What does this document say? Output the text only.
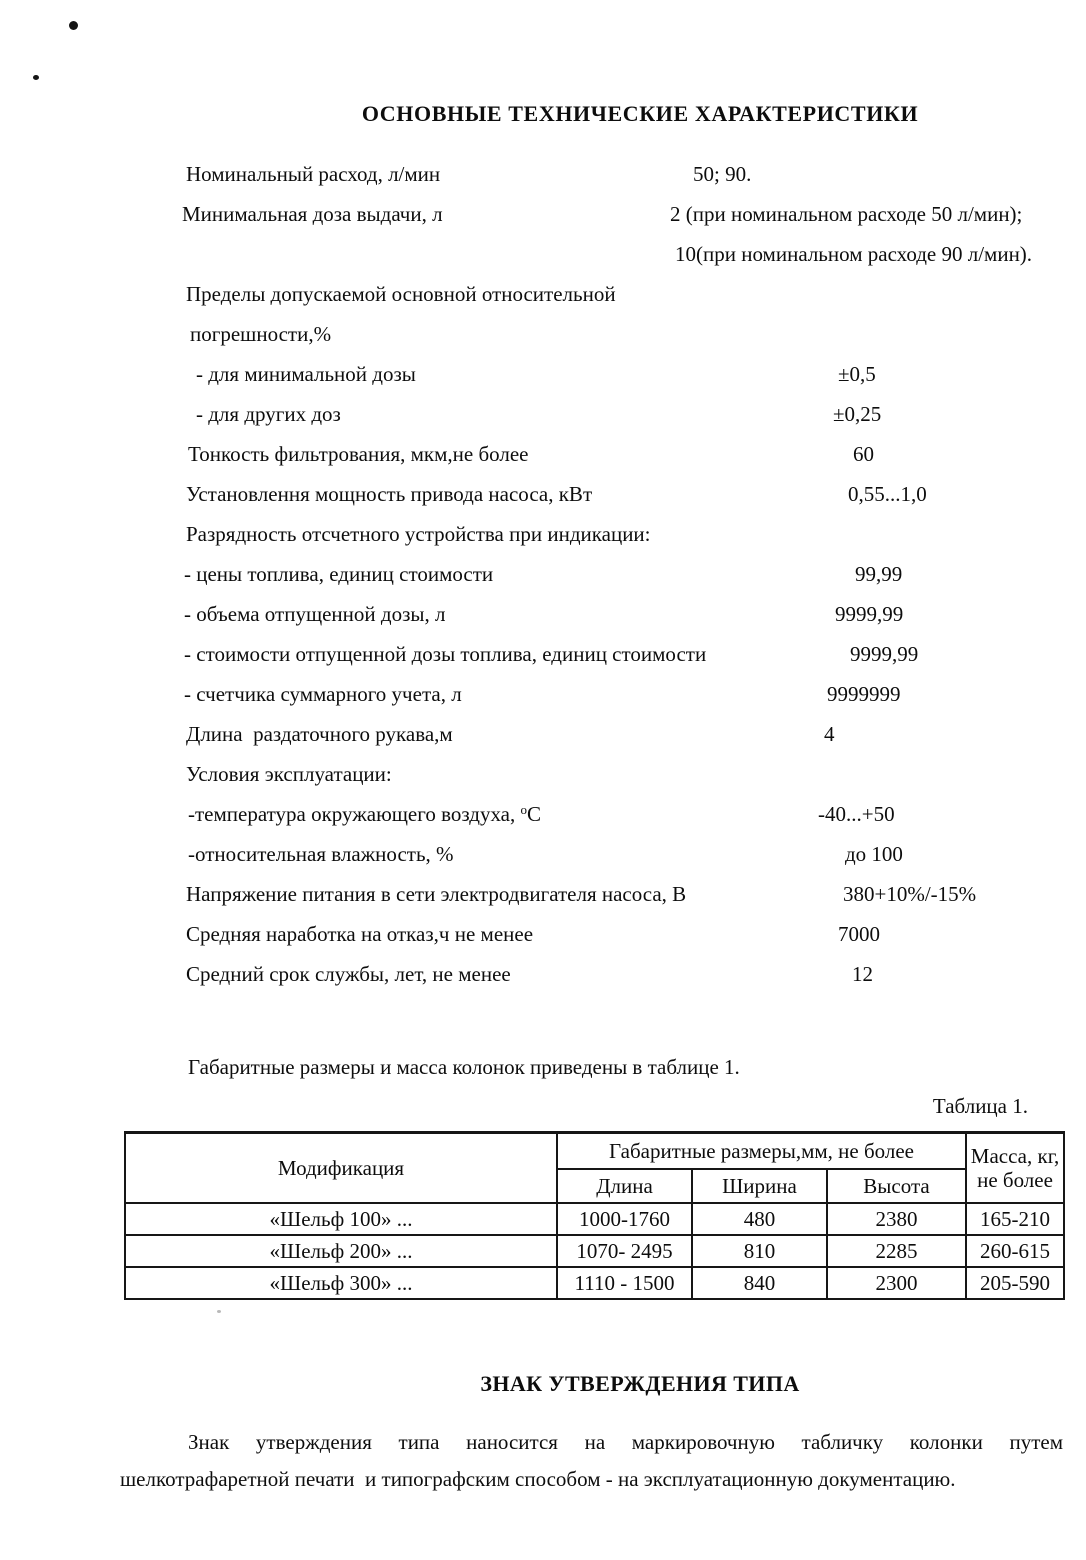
ОСНОВНЫЕ ТЕХНИЧЕСКИЕ ХАРАКТЕРИСТИКИ
Номинальный расход, л/мин	50; 90.
Минимальная доза выдачи, л	2 (при номинальном расходе 50 л/мин);
10(при номинальном расходе 90 л/мин).
Пределы допускаемой основной относительной
погрешности,%
- для минимальной дозы	±0,5
- для других доз	±0,25
Тонкость фильтрования, мкм,не более	60
Установлення мощность привода насоса, кВт	0,55...1,0
Разрядность отсчетного устройства при индикации:
- цены топлива, единиц стоимости	99,99
- объема отпущенной дозы, л	9999,99
- стоимости отпущенной дозы топлива, единиц стоимости	9999,99
- счетчика суммарного учета, л	9999999
Длина  раздаточного рукава,м	4
Условия эксплуатации:
-температура окружающего воздуха, $^о$С	-40...+50
-относительная влажность, %	до 100
Напряжение питания в сети электродвигателя насоса, В	380+10%/-15%
Средняя наработка на отказ,ч не менее	7000
Средний срок службы, лет, не менее	12
Габаритные размеры и масса колонок приведены в таблице 1.
Таблица 1.
Модификация	Габаритные размеры,мм, не более			Масса, кг,
не более

	Длина	Ширина	Высота	
«Шельф 100» ...	1000-1760	480	2380	165-210
«Шельф 200» ...	1070- 2495	810	2285	260-615
«Шельф 300» ...	1110 - 1500	840	2300	205-590
ЗНАК УТВЕРЖДЕНИЯ ТИПА
Знак утверждения типа наносится на маркировочную табличку колонки путем
шелкотрафаретной печати  и типографским способом - на эксплуатационную документацию.
